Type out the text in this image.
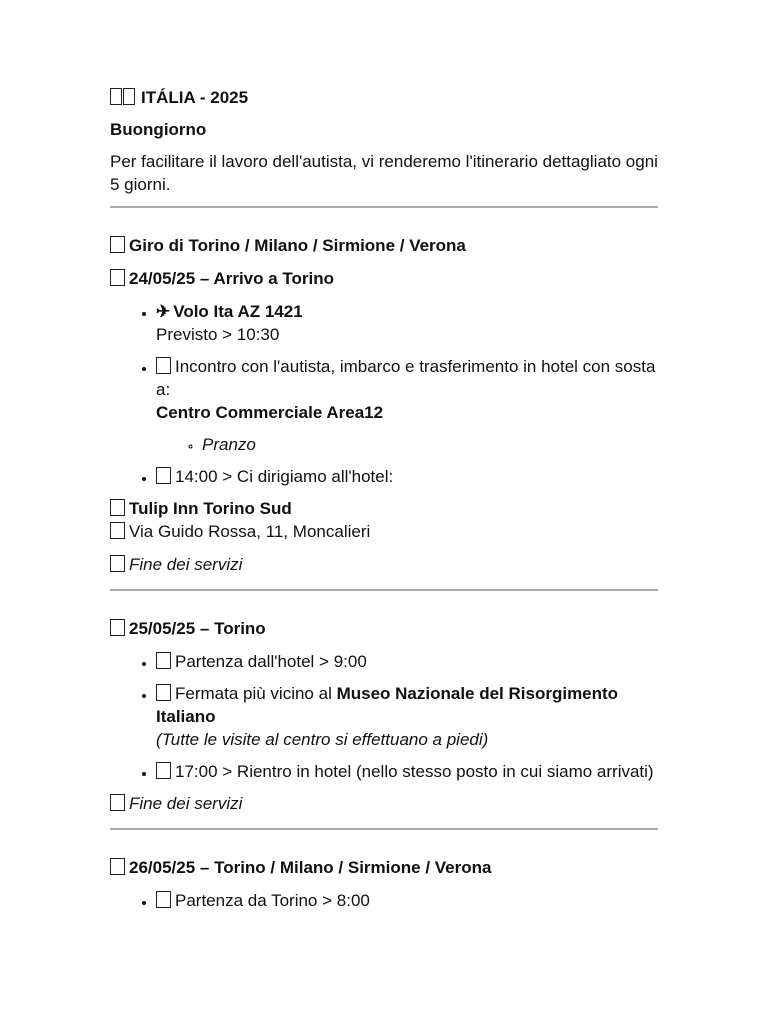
ITÁLIA - 2025

Buongiorno

Per facilitare il lavoro dell'autista, vi renderemo l'itinerario dettagliato ogni 5 giorni.

Giro di Torino / Milano / Sirmione / Verona

24/05/25 – Arrivo a Torino

• ✈ Volo Ita AZ 1421
Previsto > 10:30
• Incontro con l'autista, imbarco e trasferimento in hotel con sosta a:
Centro Commerciale Area12
◦ Pranzo
• 14:00 > Ci dirigiamo all'hotel:

Tulip Inn Torino Sud

Via Guido Rossa, 11, Moncalieri

Fine dei servizi

25/05/25 – Torino

• Partenza dall'hotel > 9:00
• Fermata più vicino al Museo Nazionale del Risorgimento Italiano
(Tutte le visite al centro si effettuano a piedi)
• 17:00 > Rientro in hotel (nello stesso posto in cui siamo arrivati)

Fine dei servizi

26/05/25 – Torino / Milano / Sirmione / Verona

• Partenza da Torino > 8:00
